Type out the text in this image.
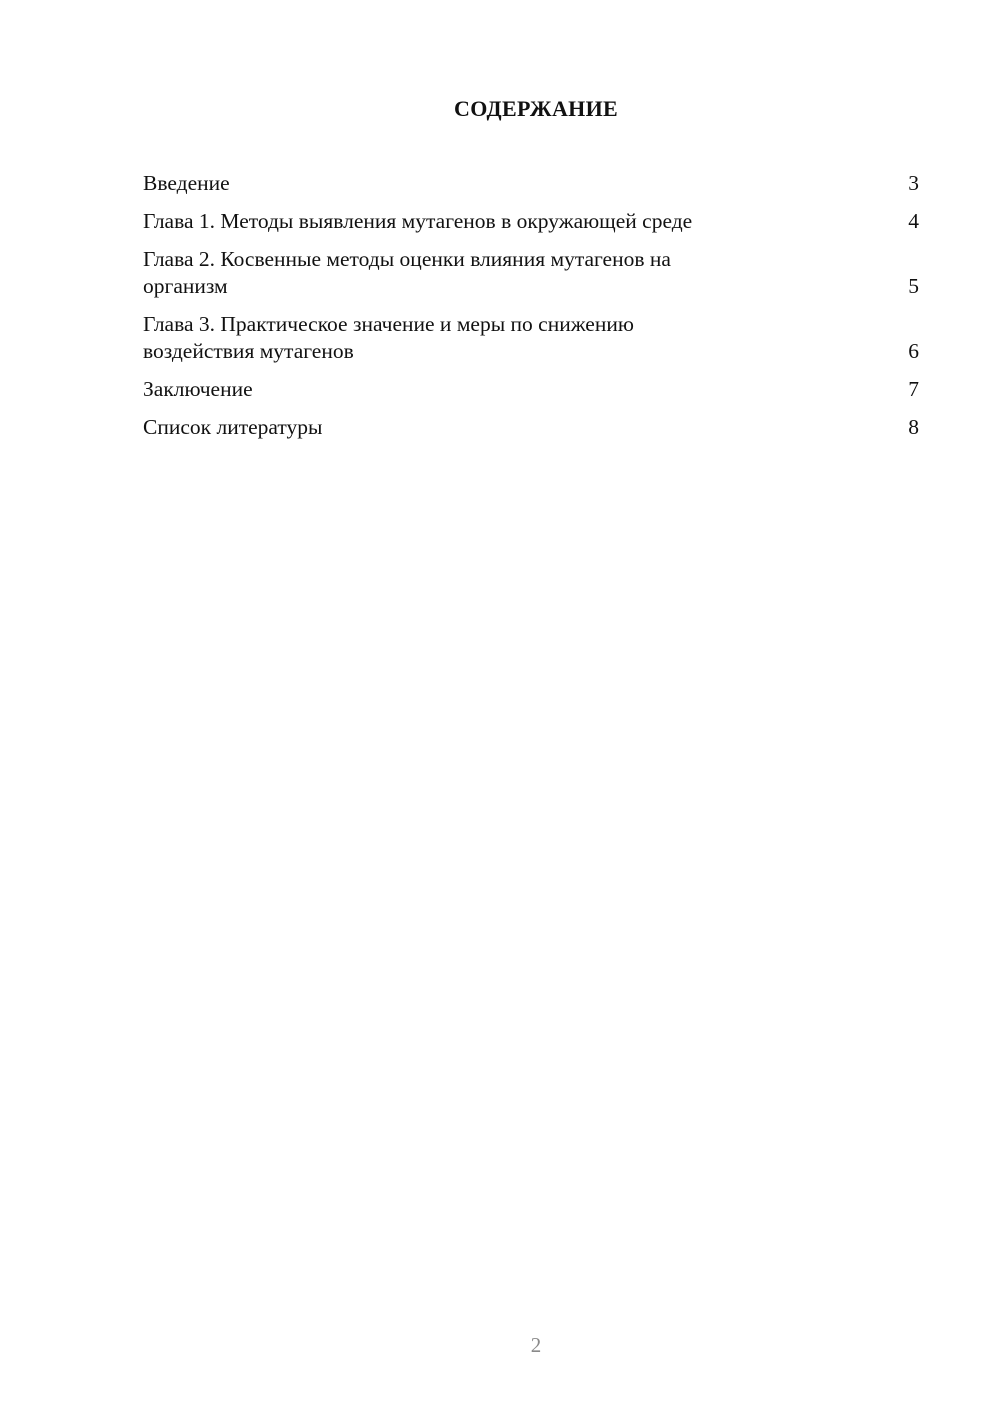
СОДЕРЖАНИЕ
Введение	3
Глава 1. Методы выявления мутагенов в окружающей среде	4
Глава 2. Косвенные методы оценки влияния мутагенов на
организм	5
Глава 3. Практическое значение и меры по снижению
воздействия мутагенов	6
Заключение	7
Список литературы	8
2
